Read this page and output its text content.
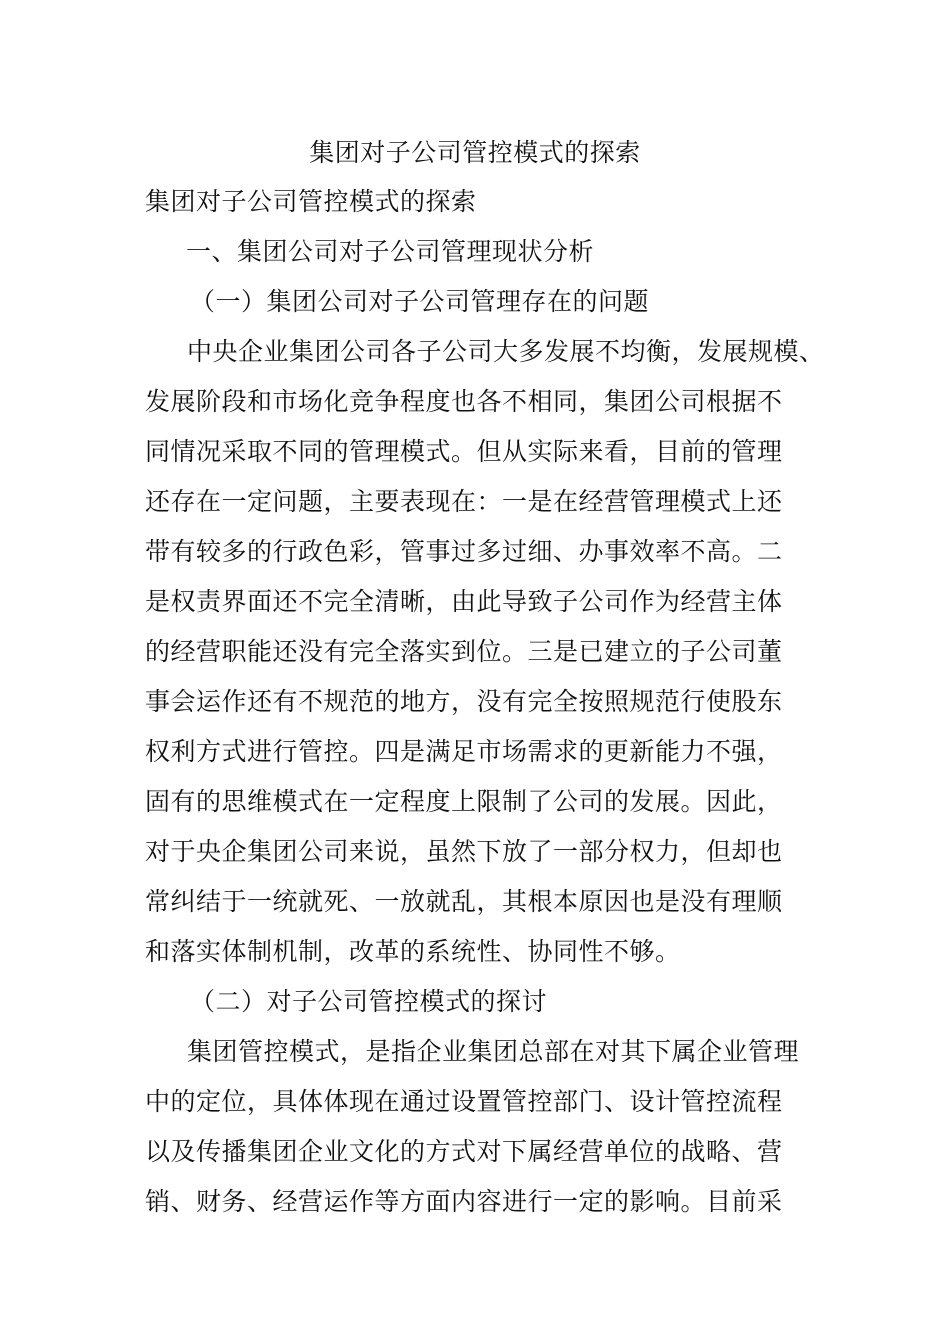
集团对子公司管控模式的探索
集团对子公司管控模式的探索
一、集团公司对子公司管理现状分析
（一）集团公司对子公司管理存在的问题
中央企业集团公司各子公司大多发展不均衡，发展规模、
发展阶段和市场化竞争程度也各不相同，集团公司根据不
同情况采取不同的管理模式。但从实际来看，目前的管理
还存在一定问题，主要表现在：一是在经营管理模式上还
带有较多的行政色彩，管事过多过细、办事效率不高。二
是权责界面还不完全清晰，由此导致子公司作为经营主体
的经营职能还没有完全落实到位。三是已建立的子公司董
事会运作还有不规范的地方，没有完全按照规范行使股东
权利方式进行管控。四是满足市场需求的更新能力不强，
固有的思维模式在一定程度上限制了公司的发展。因此，
对于央企集团公司来说，虽然下放了一部分权力，但却也
常纠结于一统就死、一放就乱，其根本原因也是没有理顺
和落实体制机制，改革的系统性、协同性不够。
（二）对子公司管控模式的探讨
集团管控模式，是指企业集团总部在对其下属企业管理
中的定位，具体体现在通过设置管控部门、设计管控流程
以及传播集团企业文化的方式对下属经营单位的战略、营
销、财务、经营运作等方面内容进行一定的影响。目前采
